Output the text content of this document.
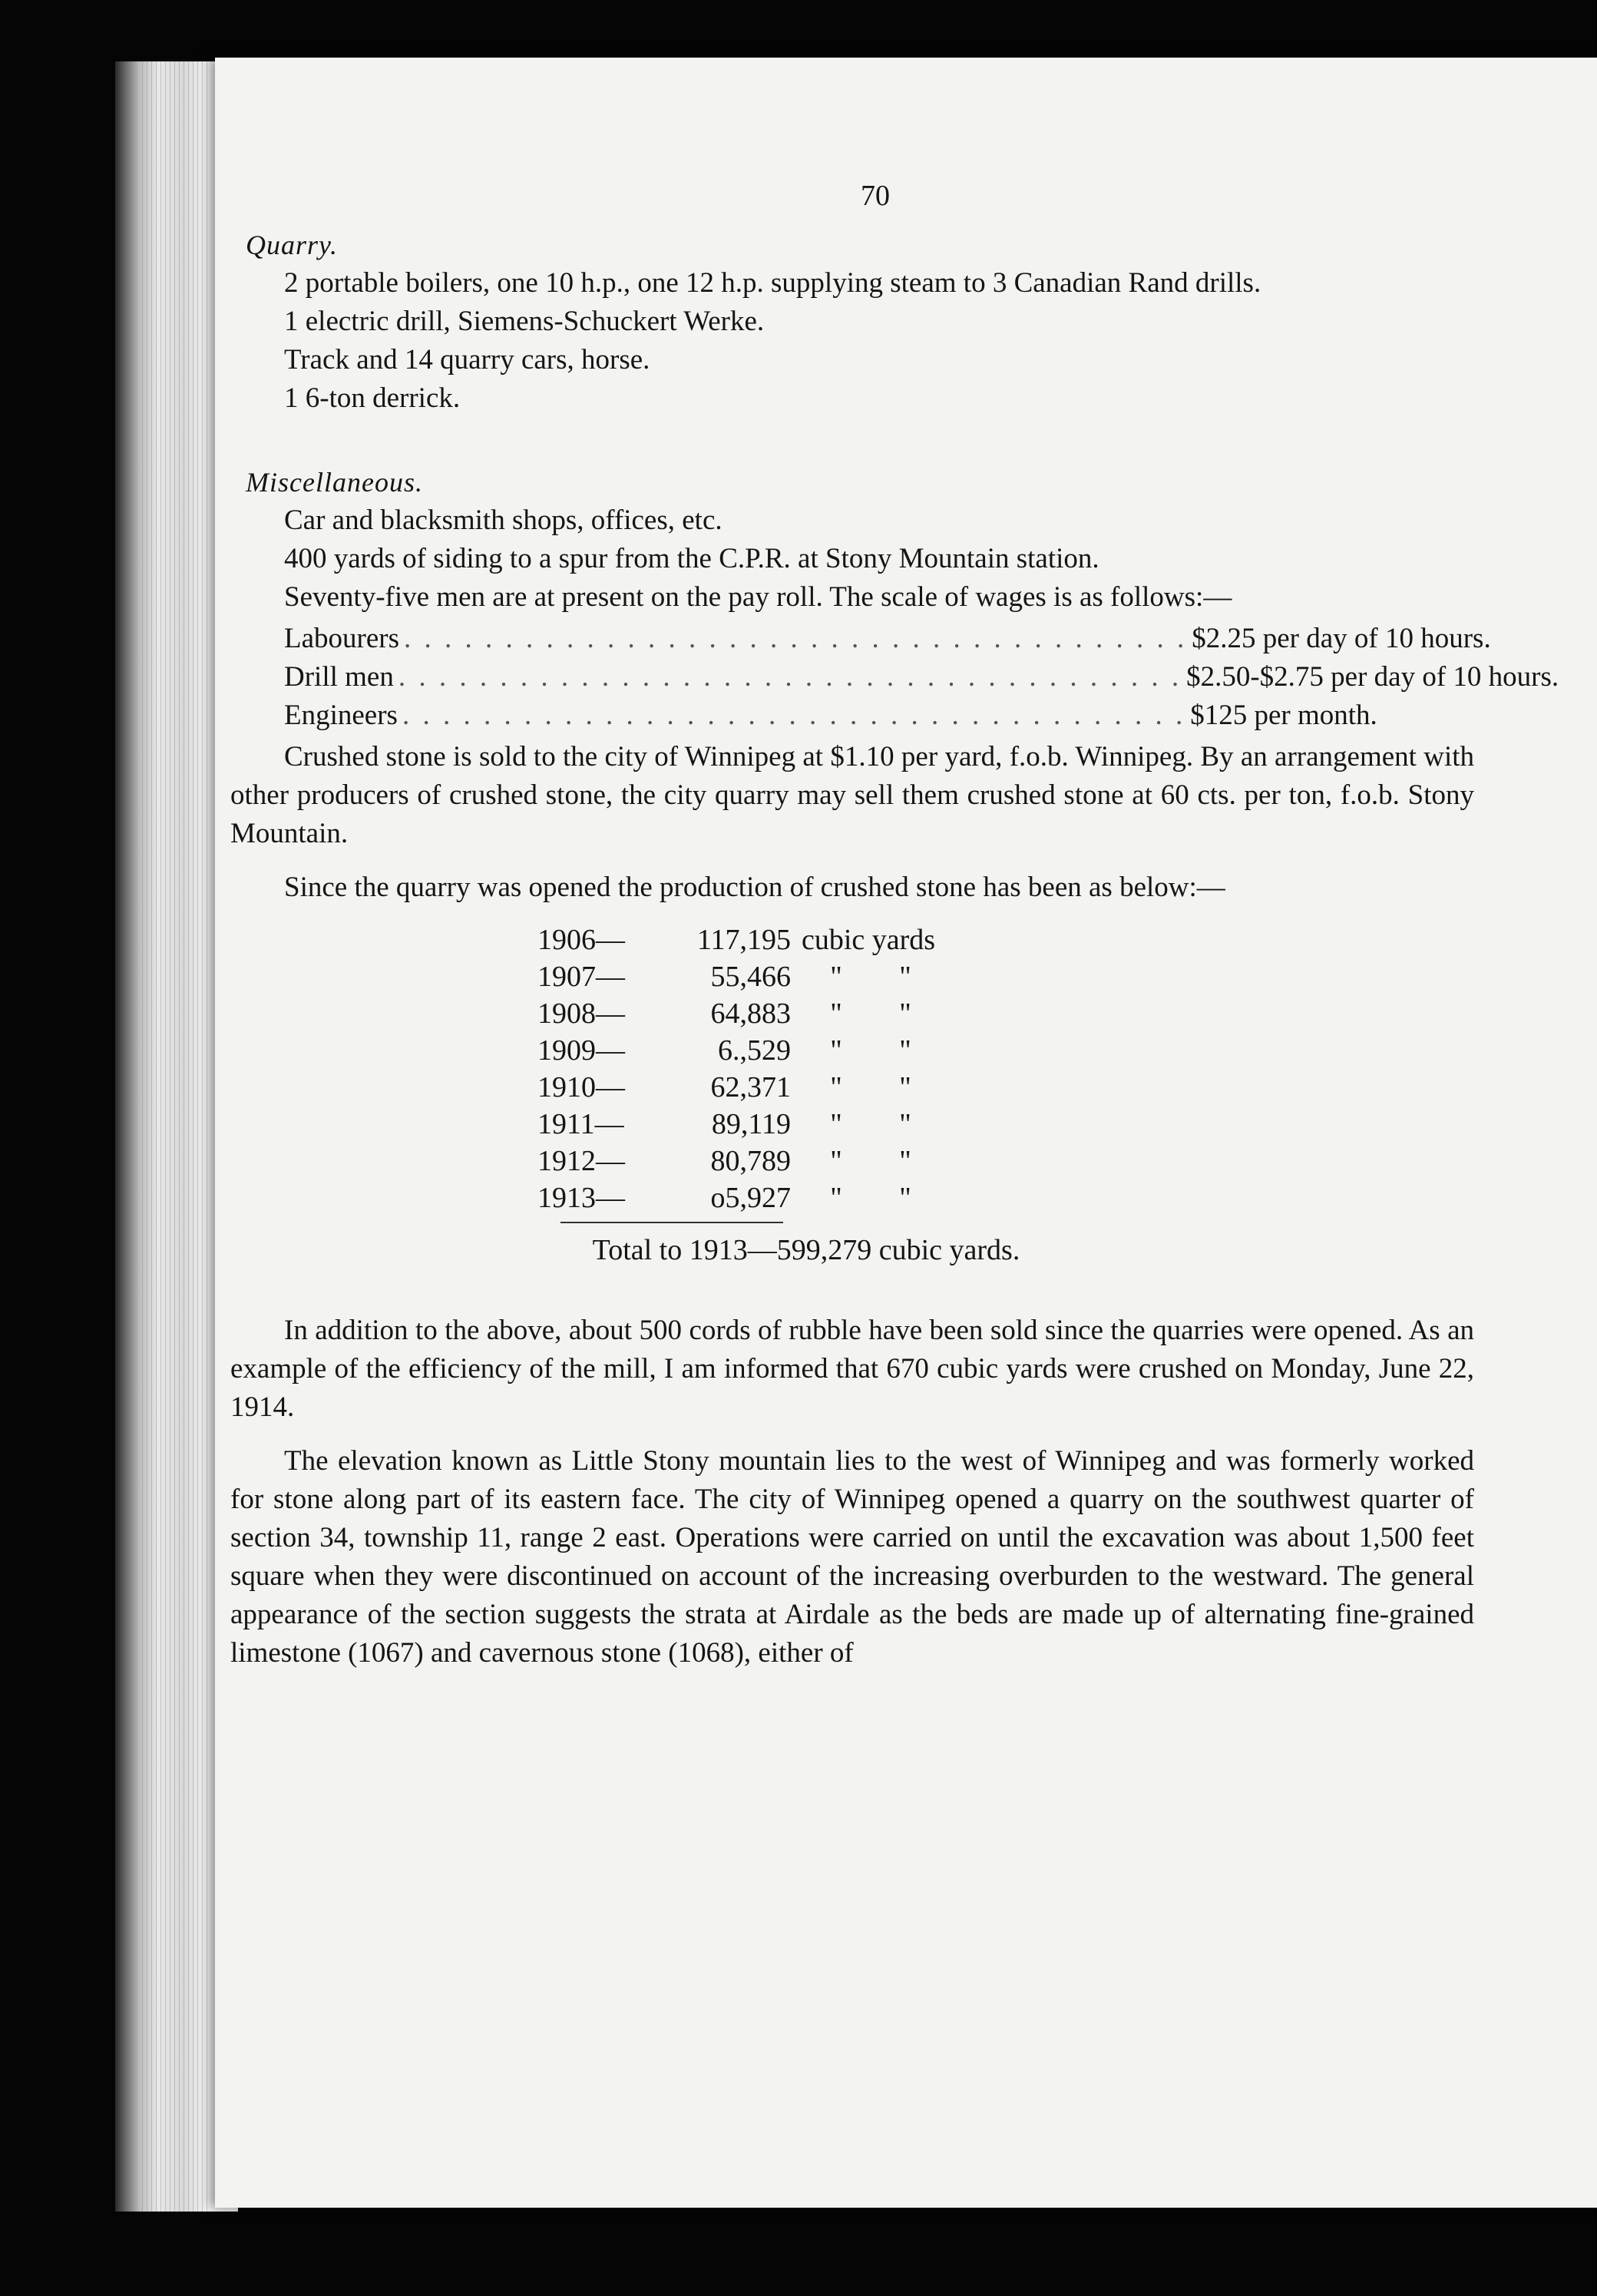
70
Quarry.

2 portable boilers, one 10 h.p., one 12 h.p. supplying steam to 3 Canadian Rand drills.

1 electric drill, Siemens-Schuckert Werke.

Track and 14 quarry cars, horse.

1 6-ton derrick.

Miscellaneous.

Car and blacksmith shops, offices, etc.

400 yards of siding to a spur from the C.P.R. at Stony Mountain station.

Seventy-five men are at present on the pay roll. The scale of wages is as follows:—

Labourers . . . . . . . . . . . . . . . . . . . . . . . . . . . . . . . . . . . . . . . $2.25 per day of 10 hours.
Drill men . . . . . . . . . . . . . . . . . . . . . . . . . . . . . . . . . . . . . . . $2.50-$2.75 per day of 10 hours.
Engineers . . . . . . . . . . . . . . . . . . . . . . . . . . . . . . . . . . . . . . . $125 per month.

Crushed stone is sold to the city of Winnipeg at $1.10 per yard, f.o.b. Winnipeg. By an arrangement with other producers of crushed stone, the city quarry may sell them crushed stone at 60 cts. per ton, f.o.b. Stony Mountain.

Since the quarry was opened the production of crushed stone has been as below:—

1906—	117,195 cubic yards
1907—	55,466	" "
1908—	64,883	" "
1909—	6.,529	" "
1910—	62,371	" "
1911—	89,119	" "
1912—	80,789	" "
1913—	o5,927	" "
Total to 1913—599,279 cubic yards.

In addition to the above, about 500 cords of rubble have been sold since the quarries were opened. As an example of the efficiency of the mill, I am informed that 670 cubic yards were crushed on Monday, June 22, 1914.

The elevation known as Little Stony mountain lies to the west of Winnipeg and was formerly worked for stone along part of its eastern face. The city of Winnipeg opened a quarry on the southwest quarter of section 34, township 11, range 2 east. Operations were carried on until the excavation was about 1,500 feet square when they were discontinued on account of the increasing overburden to the westward. The general appearance of the section suggests the strata at Airdale as the beds are made up of alternating fine-grained limestone (1067) and cavernous stone (1068), either of
